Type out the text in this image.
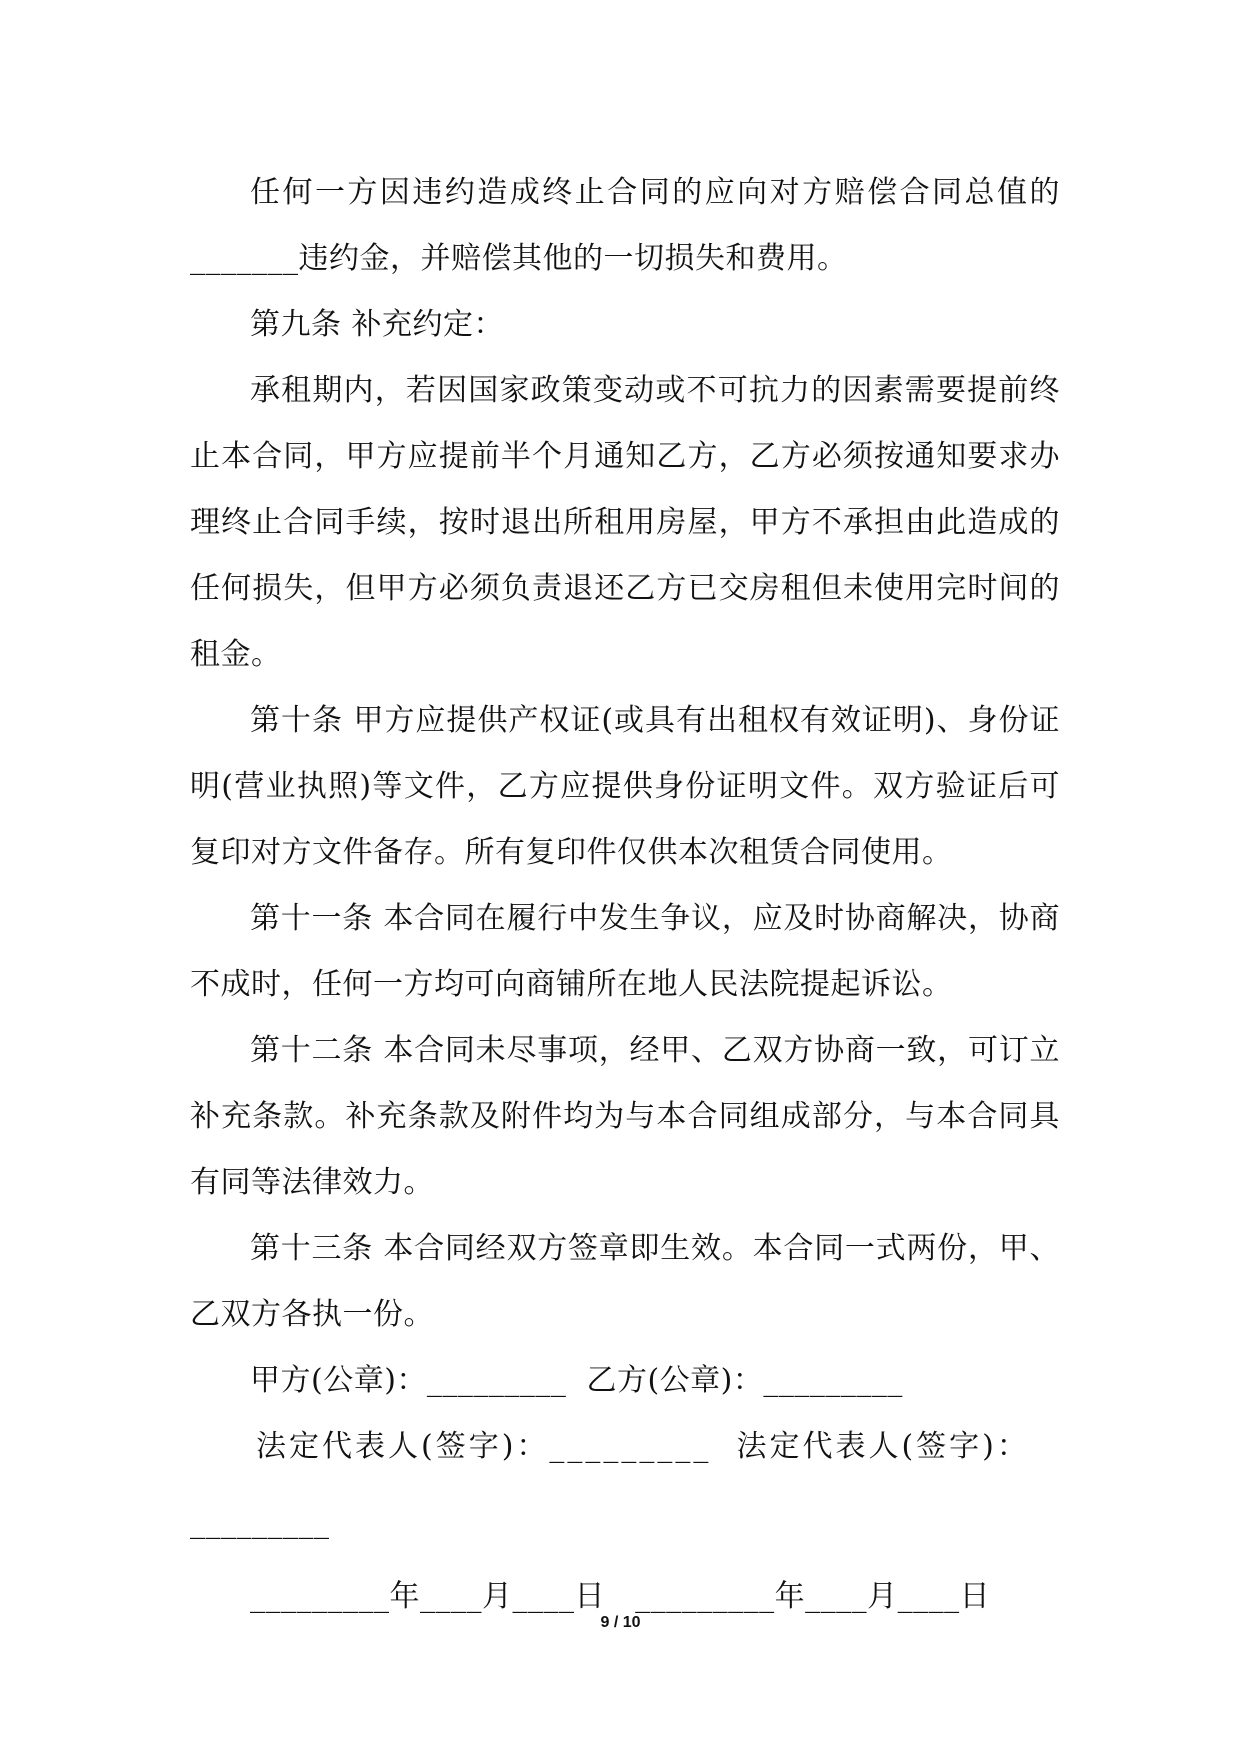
任何一方因违约造成终止合同的应向对方赔偿合同总值的_______违约金，并赔偿其他的一切损失和费用。

第九条 补充约定：

承租期内，若因国家政策变动或不可抗力的因素需要提前终止本合同，甲方应提前半个月通知乙方，乙方必须按通知要求办理终止合同手续，按时退出所租用房屋，甲方不承担由此造成的任何损失，但甲方必须负责退还乙方已交房租但未使用完时间的租金。

第十条 甲方应提供产权证(或具有出租权有效证明)、身份证明(营业执照)等文件，乙方应提供身份证明文件。双方验证后可复印对方文件备存。所有复印件仅供本次租赁合同使用。

第十一条 本合同在履行中发生争议，应及时协商解决，协商不成时，任何一方均可向商铺所在地人民法院提起诉讼。

第十二条 本合同未尽事项，经甲、乙双方协商一致，可订立补充条款。补充条款及附件均为与本合同组成部分，与本合同具有同等法律效力。

第十三条 本合同经双方签章即生效。本合同一式两份，甲、乙双方各执一份。

甲方(公章)：_________  乙方(公章)：_________

法定代表人(签字)：_________  法定代表人(签字)：

_________

_________年____月____日   _________年____月____日

9 / 10
